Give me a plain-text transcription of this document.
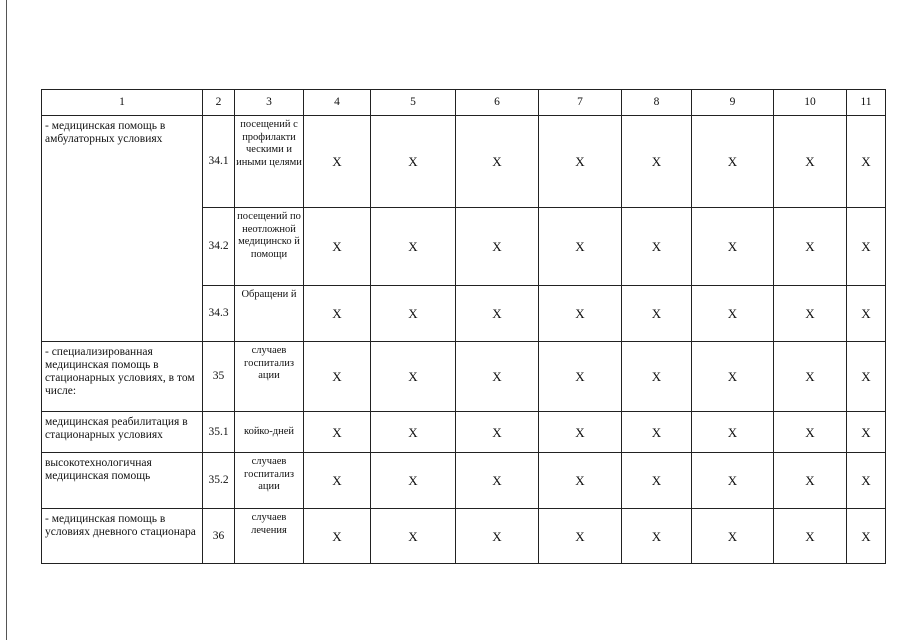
1	2	3	4	5	6	7	8	9	10	11
- медицинская помощь в амбулаторных условиях	34.1	посещений с профилакти ческими и иными целями	X	X	X	X	X	X	X	X
	34.2	посещений по неотложной медицинско й помощи	X	X	X	X	X	X	X	X
	34.3	Обращени й	X	X	X	X	X	X	X	X
- специализированная медицинская помощь в стационарных условиях, в том числе:	35	случаев госпитализ ации	X	X	X	X	X	X	X	X
медицинская реабилитация в стационарных условиях	35.1	койко-дней	X	X	X	X	X	X	X	X
высокотехнологичная медицинская помощь	35.2	случаев госпитализ ации	X	X	X	X	X	X	X	X
- медицинская помощь в условиях дневного стационара	36	случаев лечения	X	X	X	X	X	X	X	X
